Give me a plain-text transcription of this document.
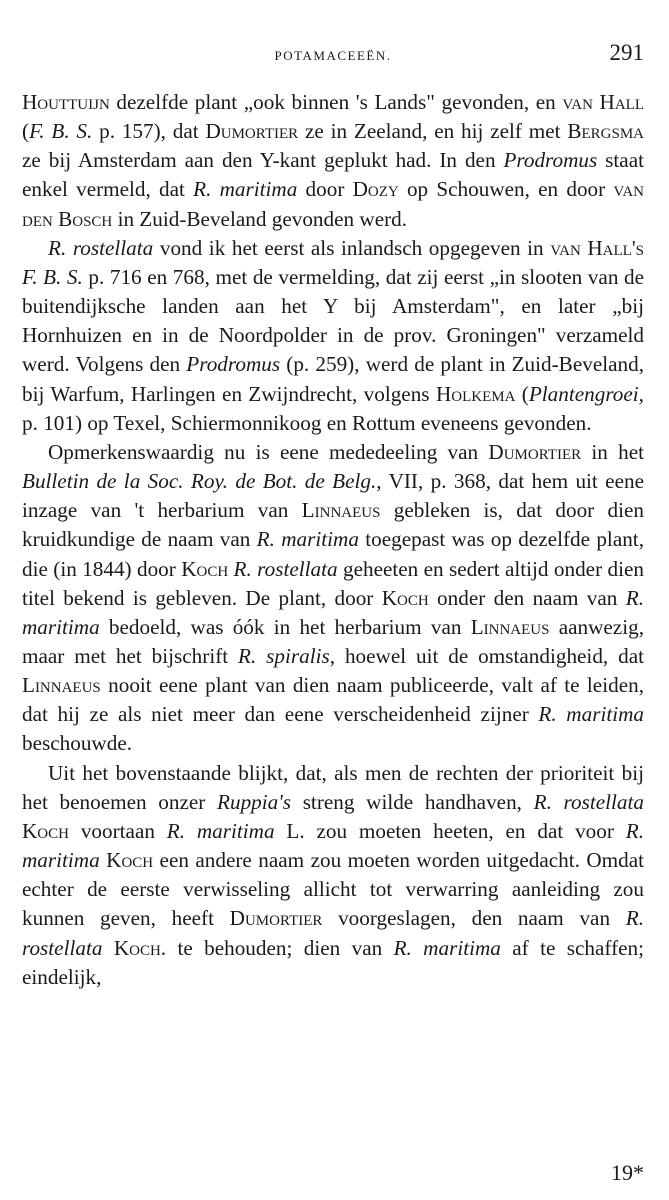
POTAMACEEËN.	291

Houttuijn dezelfde plant „ook binnen 's Lands" gevonden, en van Hall (F. B. S. p. 157), dat Dumortier ze in Zeeland, en hij zelf met Bergsma ze bij Amsterdam aan den Y-kant geplukt had. In den Prodromus staat enkel vermeld, dat R. maritima door Dozy op Schouwen, en door van den Bosch in Zuid-Beveland gevonden werd.

R. rostellata vond ik het eerst als inlandsch opgegeven in van Hall's F. B. S. p. 716 en 768, met de vermelding, dat zij eerst „in slooten van de buitendijksche landen aan het Y bij Amsterdam", en later „bij Hornhuizen en in de Noordpolder in de prov. Groningen" verzameld werd. Volgens den Prodromus (p. 259), werd de plant in Zuid-Beveland, bij Warfum, Harlingen en Zwijndrecht, volgens Holkema (Plantengroei, p. 101) op Texel, Schiermonnikoog en Rottum eveneens gevonden.

Opmerkenswaardig nu is eene mededeeling van Dumortier in het Bulletin de la Soc. Roy. de Bot. de Belg., VII, p. 368, dat hem uit eene inzage van 't herbarium van Linnaeus gebleken is, dat door dien kruidkundige de naam van R. maritima toegepast was op dezelfde plant, die (in 1844) door Koch R. rostellata geheeten en sedert altijd onder dien titel bekend is gebleven. De plant, door Koch onder den naam van R. maritima bedoeld, was óók in het herbarium van Linnaeus aanwezig, maar met het bijschrift R. spiralis, hoewel uit de omstandigheid, dat Linnaeus nooit eene plant van dien naam publiceerde, valt af te leiden, dat hij ze als niet meer dan eene verscheidenheid zijner R. maritima beschouwde.

Uit het bovenstaande blijkt, dat, als men de rechten der prioriteit bij het benoemen onzer Ruppia's streng wilde handhaven, R. rostellata Koch voortaan R. maritima L. zou moeten heeten, en dat voor R. maritima Koch een andere naam zou moeten worden uitgedacht. Omdat echter de eerste verwisseling allicht tot verwarring aanleiding zou kunnen geven, heeft Dumortier voorgeslagen, den naam van R. rostellata Koch. te behouden; dien van R. maritima af te schaffen; eindelijk,

19*
